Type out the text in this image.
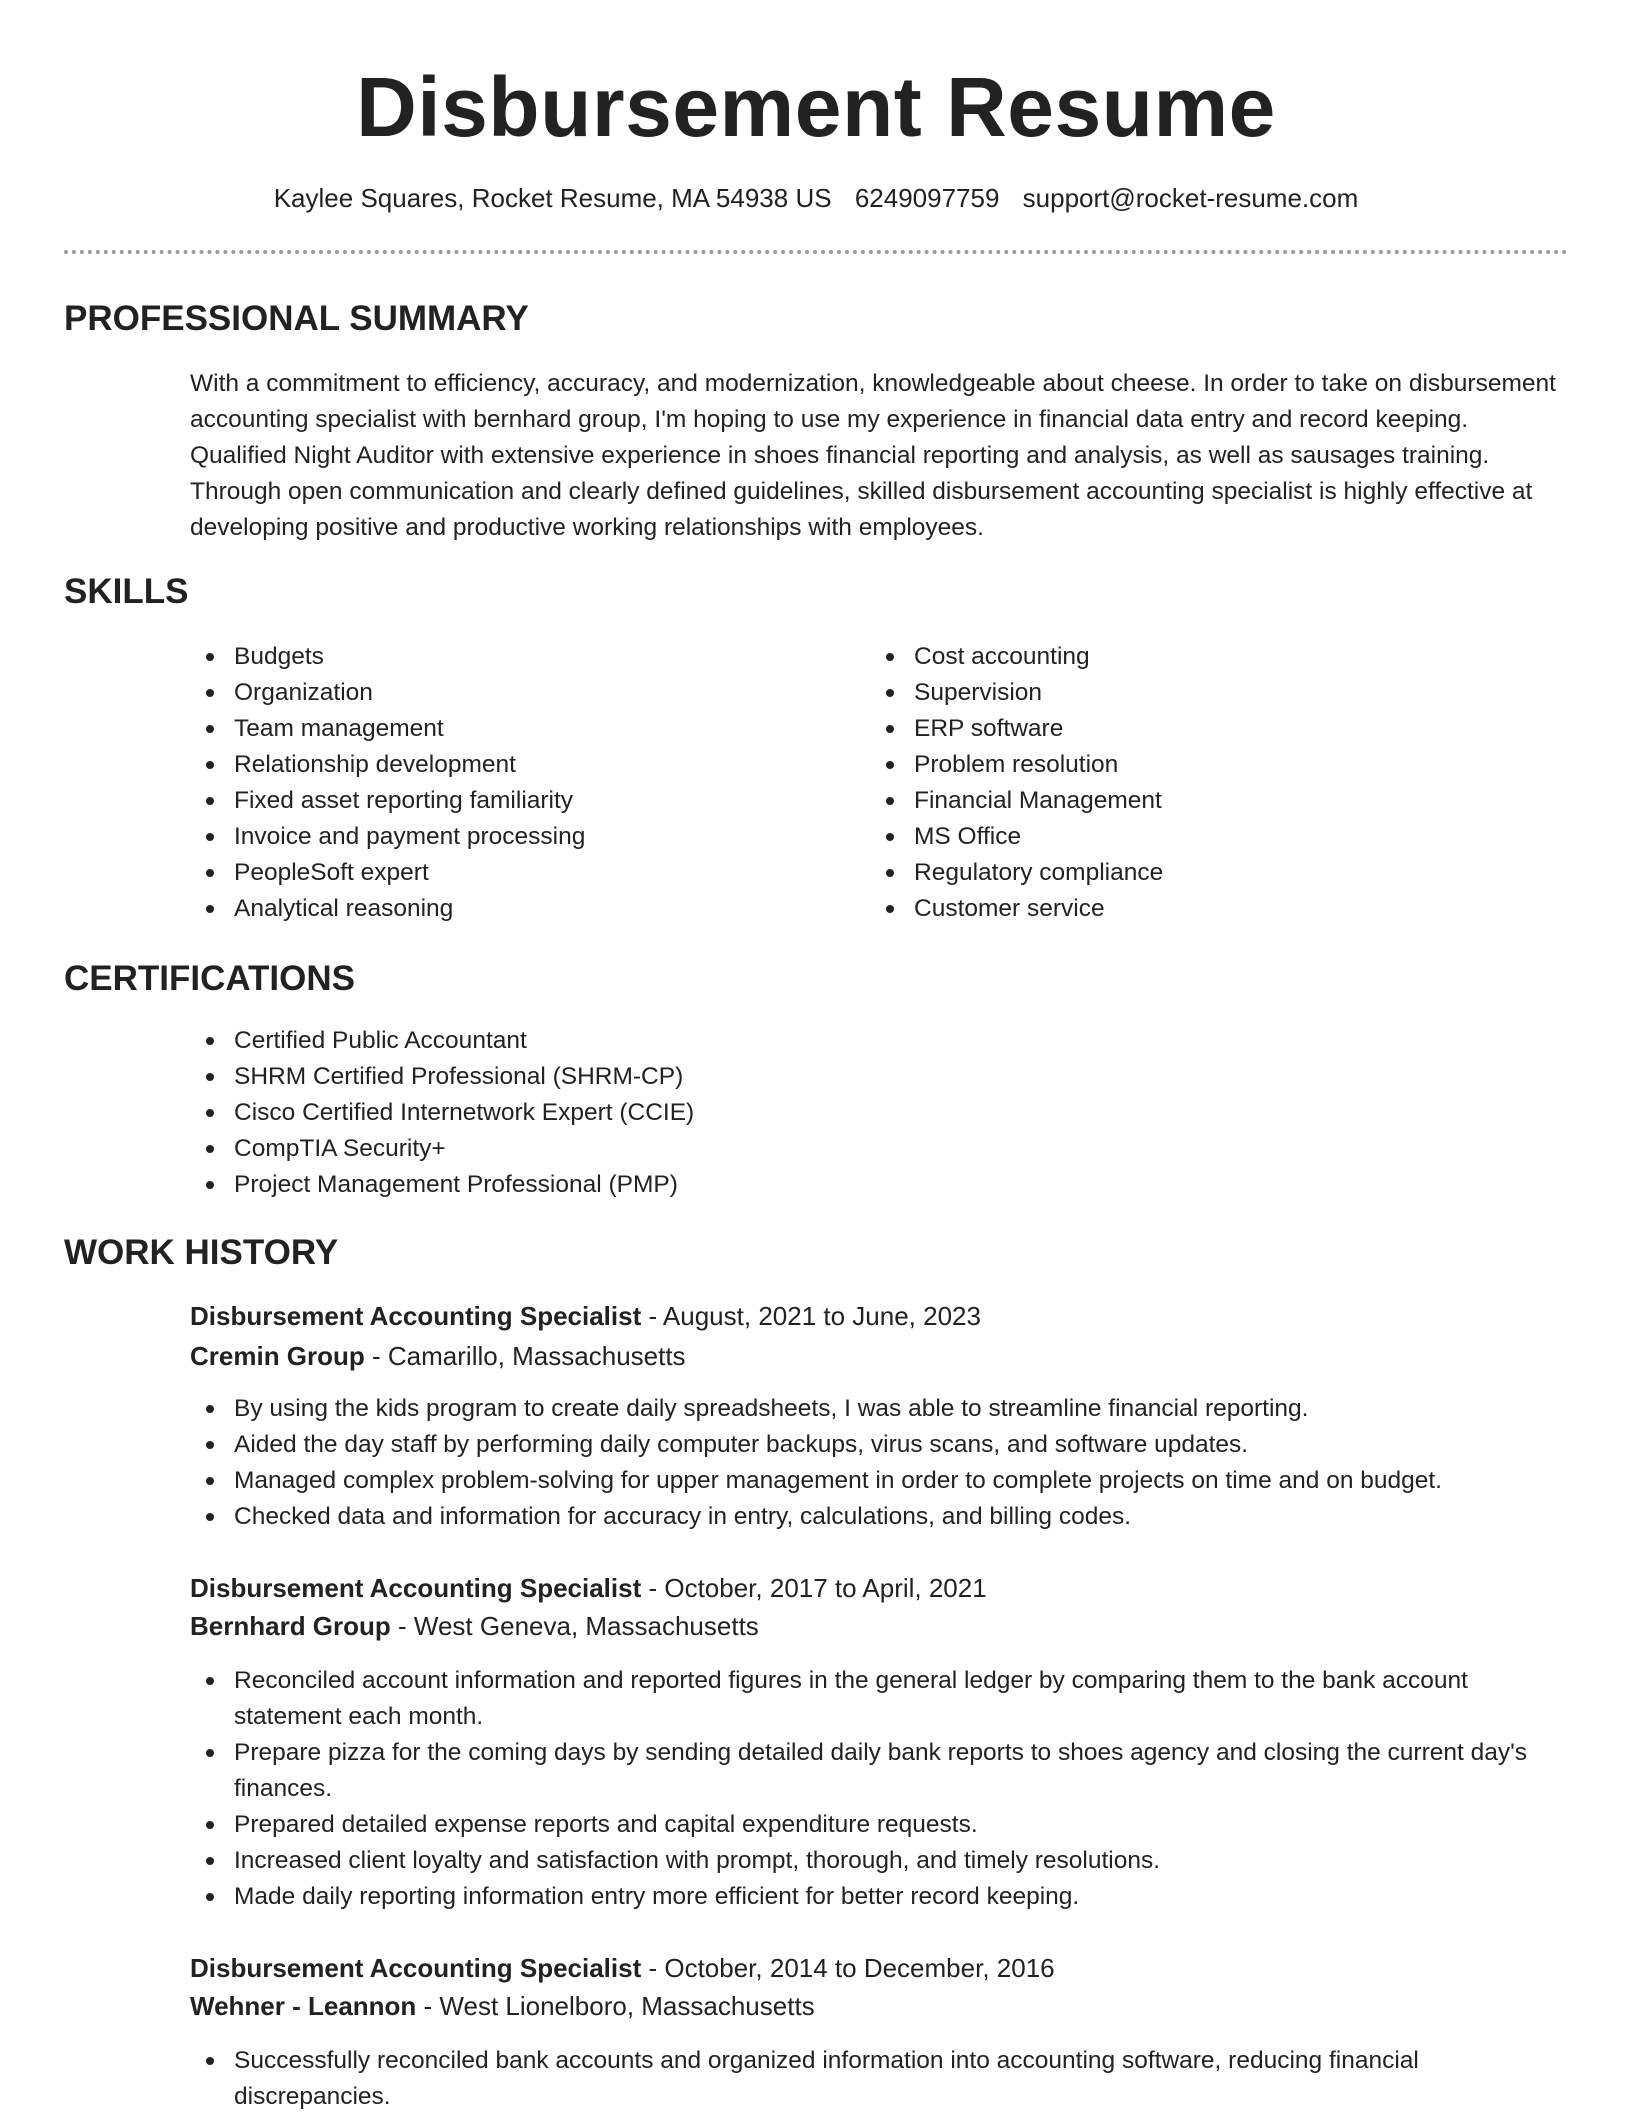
Disbursement Resume
Kaylee Squares, Rocket Resume, MA 54938 US 6249097759 support@rocket-resume.com
PROFESSIONAL SUMMARY

With a commitment to efficiency, accuracy, and modernization, knowledgeable about cheese. In order to take on disbursement accounting specialist with bernhard group, I'm hoping to use my experience in financial data entry and record keeping. Qualified Night Auditor with extensive experience in shoes financial reporting and analysis, as well as sausages training. Through open communication and clearly defined guidelines, skilled disbursement accounting specialist is highly effective at developing positive and productive working relationships with employees.

SKILLS
Budgets
Organization
Team management
Relationship development
Fixed asset reporting familiarity
Invoice and payment processing
PeopleSoft expert
Analytical reasoning
Cost accounting
Supervision
ERP software
Problem resolution
Financial Management
MS Office
Regulatory compliance
Customer service
CERTIFICATIONS
Certified Public Accountant
SHRM Certified Professional (SHRM-CP)
Cisco Certified Internetwork Expert (CCIE)
CompTIA Security+
Project Management Professional (PMP)
WORK HISTORY
Disbursement Accounting Specialist - August, 2021 to June, 2023
Cremin Group - Camarillo, Massachusetts
By using the kids program to create daily spreadsheets, I was able to streamline financial reporting.
Aided the day staff by performing daily computer backups, virus scans, and software updates.
Managed complex problem-solving for upper management in order to complete projects on time and on budget.
Checked data and information for accuracy in entry, calculations, and billing codes.
Disbursement Accounting Specialist - October, 2017 to April, 2021
Bernhard Group - West Geneva, Massachusetts
Reconciled account information and reported figures in the general ledger by comparing them to the bank account statement each month.
Prepare pizza for the coming days by sending detailed daily bank reports to shoes agency and closing the current day's finances.
Prepared detailed expense reports and capital expenditure requests.
Increased client loyalty and satisfaction with prompt, thorough, and timely resolutions.
Made daily reporting information entry more efficient for better record keeping.
Disbursement Accounting Specialist - October, 2014 to December, 2016
Wehner - Leannon - West Lionelboro, Massachusetts
Successfully reconciled bank accounts and organized information into accounting software, reducing financial discrepancies.
